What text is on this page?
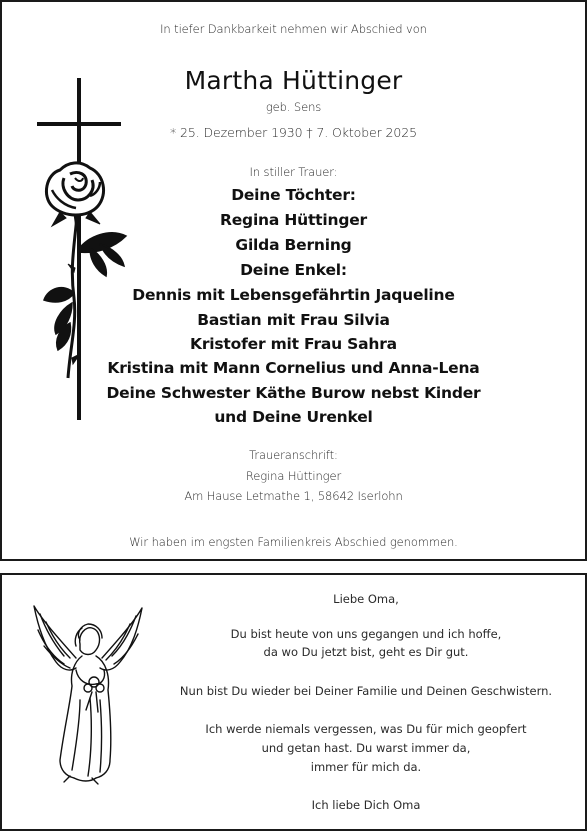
In tiefer Dankbarkeit nehmen wir Abschied von
Martha Hüttinger
geb. Sens
* 25. Dezember 1930 † 7. Oktober 2025
In stiller Trauer:
Deine Töchter:
Regina Hüttinger
Gilda Berning
Deine Enkel:
Dennis mit Lebensgefährtin Jaqueline
Bastian mit Frau Silvia
Kristofer mit Frau Sahra
Kristina mit Mann Cornelius und Anna-Lena
Deine Schwester Käthe Burow nebst Kinder
und Deine Urenkel
Traueranschrift:
Regina Hüttinger
Am Hause Letmathe 1, 58642 Iserlohn
Wir haben im engsten Familienkreis Abschied genommen.
Liebe Oma,
Du bist heute von uns gegangen und ich hoffe,
da wo Du jetzt bist, geht es Dir gut.
Nun bist Du wieder bei Deiner Familie und Deinen Geschwistern.
Ich werde niemals vergessen, was Du für mich geopfert
und getan hast. Du warst immer da,
immer für mich da.
Ich liebe Dich Oma
